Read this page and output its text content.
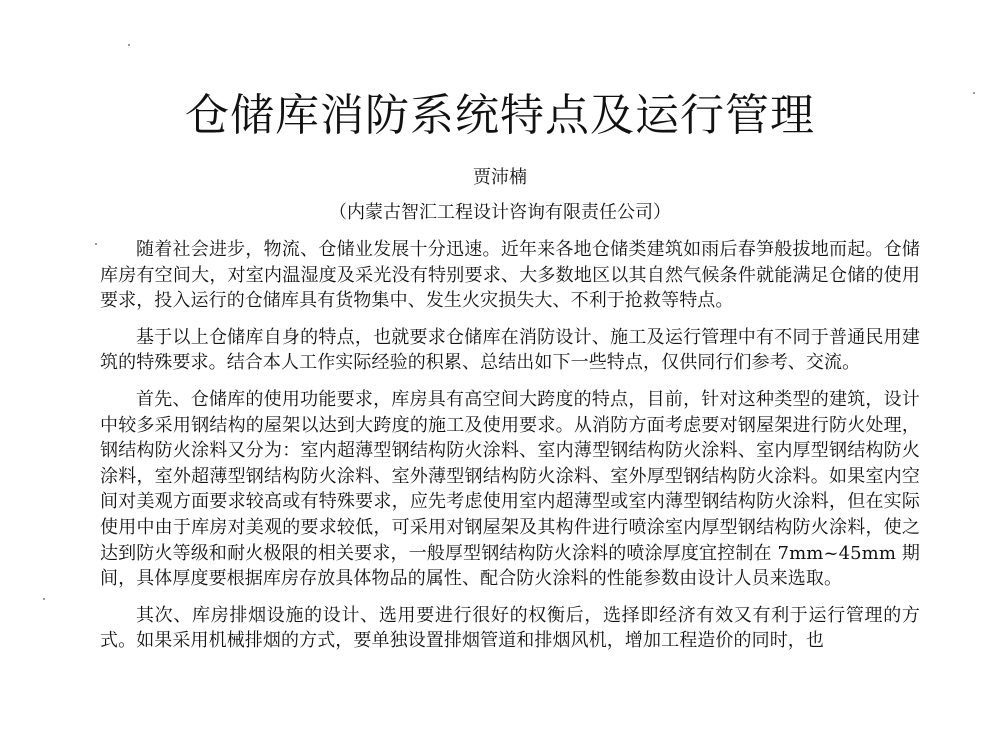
仓储库消防系统特点及运行管理
贾沛楠
（内蒙古智汇工程设计咨询有限责任公司）

随着社会进步，物流、仓储业发展十分迅速。近年来各地仓储类建筑如雨后春笋般拔地而起。仓储库房有空间大，对室内温湿度及采光没有特别要求、大多数地区以其自然气候条件就能满足仓储的使用要求，投入运行的仓储库具有货物集中、发生火灾损失大、不利于抢救等特点。

基于以上仓储库自身的特点，也就要求仓储库在消防设计、施工及运行管理中有不同于普通民用建筑的特殊要求。结合本人工作实际经验的积累、总结出如下一些特点，仅供同行们参考、交流。

首先、仓储库的使用功能要求，库房具有高空间大跨度的特点，目前，针对这种类型的建筑，设计中较多采用钢结构的屋架以达到大跨度的施工及使用要求。从消防方面考虑要对钢屋架进行防火处理，钢结构防火涂料又分为：室内超薄型钢结构防火涂料、室内薄型钢结构防火涂料、室内厚型钢结构防火涂料，室外超薄型钢结构防火涂料、室外薄型钢结构防火涂料、室外厚型钢结构防火涂料。如果室内空间对美观方面要求较高或有特殊要求，应先考虑使用室内超薄型或室内薄型钢结构防火涂料，但在实际使用中由于库房对美观的要求较低，可采用对钢屋架及其构件进行喷涂室内厚型钢结构防火涂料，使之达到防火等级和耐火极限的相关要求，一般厚型钢结构防火涂料的喷涂厚度宜控制在 7mm~45mm 期间，具体厚度要根据库房存放具体物品的属性、配合防火涂料的性能参数由设计人员来选取。

其次、库房排烟设施的设计、选用要进行很好的权衡后，选择即经济有效又有利于运行管理的方式。如果采用机械排烟的方式，要单独设置排烟管道和排烟风机，增加工程造价的同时，也
